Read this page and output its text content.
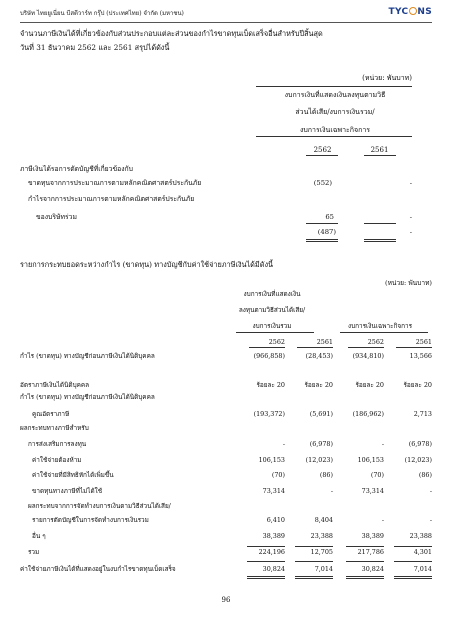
บริษัท ไทยยูเนี่ยน บีสตีวาร์ท กรุ๊ป (ประเทศไทย) จำกัด (มหาชน)	TYC NS
จำนวนภาษีเงินได้ที่เกี่ยวข้องกับส่วนประกอบแต่ละส่วนของกำไรขาดทุนเบ็ดเสร็จอื่นสำหรับปีสิ้นสุด
วันที่ 31 ธันวาคม 2562 และ 2561 สรุปได้ดังนี้
(หน่วย: พันบาท)
งบการเงินที่แสดงเงินลงทุนตามวิธี
ส่วนได้เสีย/งบการเงินรวม/
งบการเงินเฉพาะกิจการ
2562	2561
ภาษีเงินได้รอการตัดบัญชีที่เกี่ยวข้องกับ
ขาดทุนจากการประมาณการตามหลักคณิตศาสตร์ประกันภัย	(552)	-
กำไรจากการประมาณการตามหลักคณิตศาสตร์ประกันภัย
ของบริษัทร่วม	65	-
(487)	-
รายการกระทบยอดระหว่างกำไร (ขาดทุน) ทางบัญชีกับค่าใช้จ่ายภาษีเงินได้มีดังนี้
(หน่วย: พันบาท)
งบการเงินที่แสดงเงิน
ลงทุนตามวิธีส่วนได้เสีย/
งบการเงินรวม	งบการเงินเฉพาะกิจการ
2562	2561	2562	2561
กำไร (ขาดทุน) ทางบัญชีก่อนภาษีเงินได้นิติบุคคล	(966,858)	(28,453)	(934,810)	13,566
อัตราภาษีเงินได้นิติบุคคล	ร้อยละ 20	ร้อยละ 20	ร้อยละ 20	ร้อยละ 20
กำไร (ขาดทุน) ทางบัญชีก่อนภาษีเงินได้นิติบุคคล
คูณอัตราภาษี	(193,372)	(5,691)	(186,962)	2,713
ผลกระทบทางภาษีสำหรับ
การส่งเสริมการลงทุน	-	(6,978)	-	(6,978)
ค่าใช้จ่ายต้องห้าม	106,153	(12,023)	106,153	(12,023)
ค่าใช้จ่ายที่มีสิทธิหักได้เพิ่มขึ้น	(70)	(86)	(70)	(86)
ขาดทุนทางภาษีที่ไม่ได้ใช้	73,314	-	73,314	-
ผลกระทบจากการจัดทำงบการเงินตามวิธีส่วนได้เสีย/
รายการตัดบัญชีในการจัดทำงบการเงินรวม	6,410	8,404	-	-
อื่น ๆ	38,389	23,388	38,389	23,388
รวม	224,196	12,705	217,786	4,301
ค่าใช้จ่ายภาษีเงินได้ที่แสดงอยู่ในงบกำไรขาดทุนเบ็ดเสร็จ	30,824	7,014	30,824	7,014
96
